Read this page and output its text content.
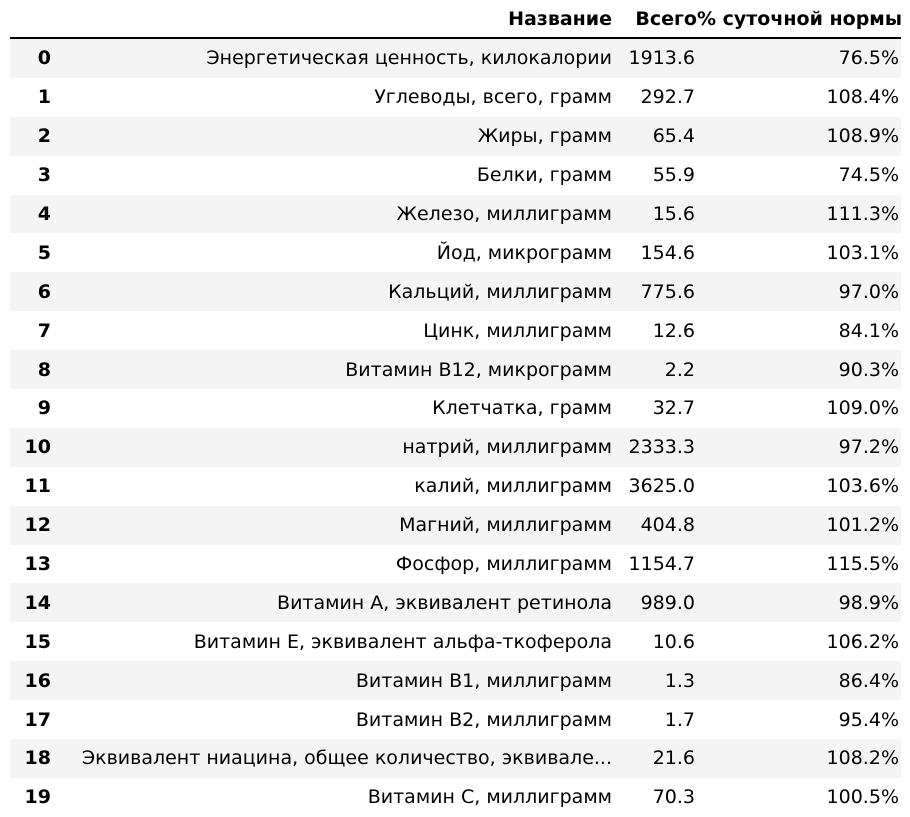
	Название	Всего	% суточной нормы
0	Энергетическая ценность, килокалории	1913.6	76.5%
1	Углеводы, всего, грамм	292.7	108.4%
2	Жиры, грамм	65.4	108.9%
3	Белки, грамм	55.9	74.5%
4	Железо, миллиграмм	15.6	111.3%
5	Йод, микрограмм	154.6	103.1%
6	Кальций, миллиграмм	775.6	97.0%
7	Цинк, миллиграмм	12.6	84.1%
8	Витамин B12, микрограмм	2.2	90.3%
9	Клетчатка, грамм	32.7	109.0%
10	натрий, миллиграмм	2333.3	97.2%
11	калий, миллиграмм	3625.0	103.6%
12	Магний, миллиграмм	404.8	101.2%
13	Фосфор, миллиграмм	1154.7	115.5%
14	Витамин A, эквивалент ретинола	989.0	98.9%
15	Витамин E, эквивалент альфа-ткоферола	10.6	106.2%
16	Витамин B1, миллиграмм	1.3	86.4%
17	Витамин B2, миллиграмм	1.7	95.4%
18	Эквивалент ниацина, общее количество, эквивале...	21.6	108.2%
19	Витамин C, миллиграмм	70.3	100.5%
